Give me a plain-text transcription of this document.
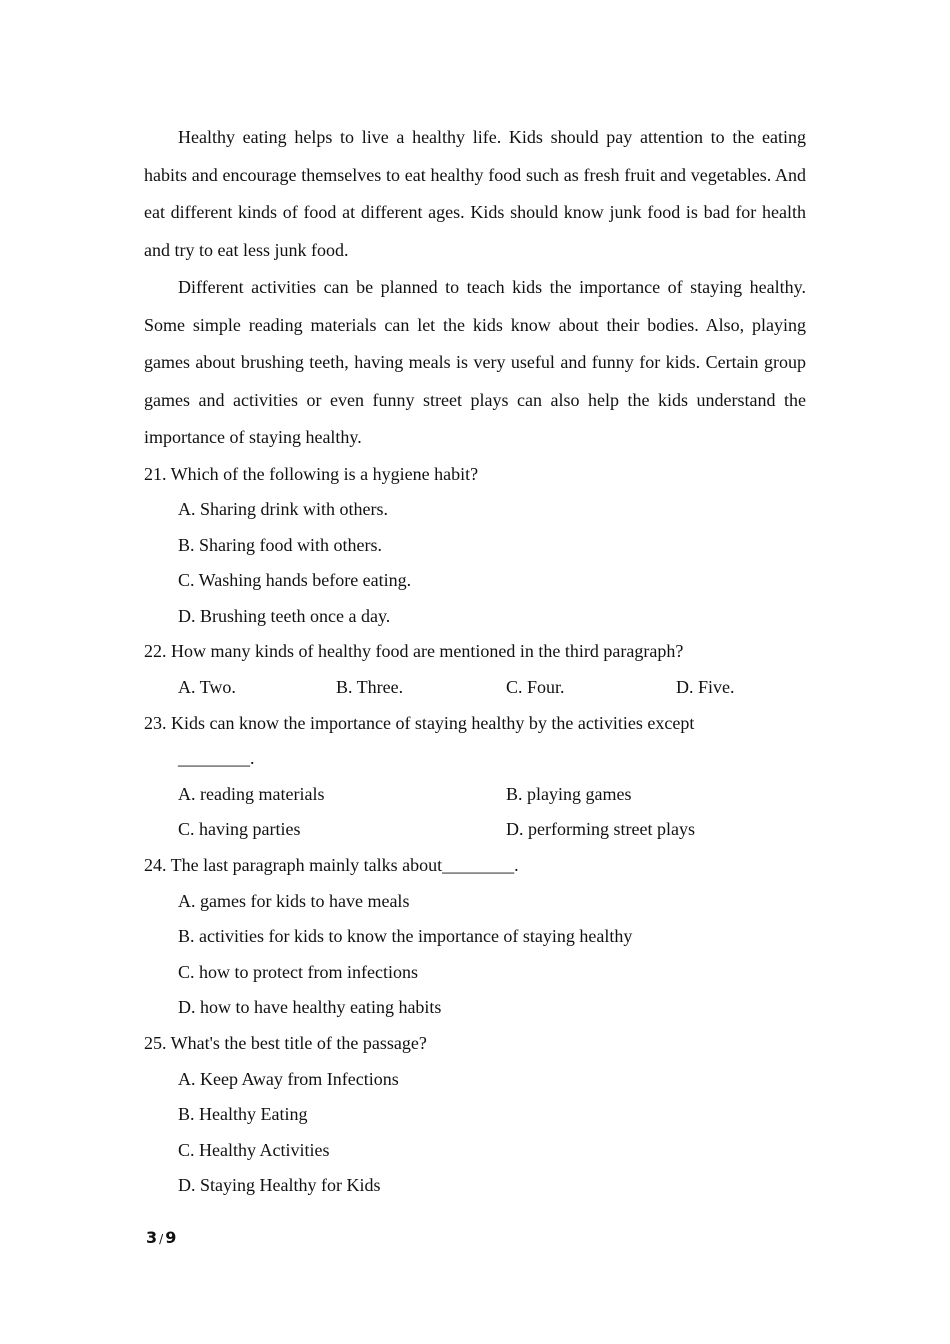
Healthy eating helps to live a healthy life. Kids should pay attention to the eating habits and encourage themselves to eat healthy food such as fresh fruit and vegetables. And eat different kinds of food at different ages. Kids should know junk food is bad for health and try to eat less junk food.

Different activities can be planned to teach kids the importance of staying healthy. Some simple reading materials can let the kids know about their bodies. Also, playing games about brushing teeth, having meals is very useful and funny for kids. Certain group games and activities or even funny street plays can also help the kids understand the importance of staying healthy.

21. Which of the following is a hygiene habit?

A. Sharing drink with others.

B. Sharing food with others.

C. Washing hands before eating.

D. Brushing teeth once a day.

22. How many kinds of healthy food are mentioned in the third paragraph?

A. Two.	B. Three.	C. Four.	D. Five.

23. Kids can know the importance of staying healthy by the activities except

________.

A. reading materials	B. playing games
C. having parties	D. performing street plays

24. The last paragraph mainly talks about________.

A. games for kids to have meals

B. activities for kids to know the importance of staying healthy

C. how to protect from infections

D. how to have healthy eating habits

25. What's the best title of the passage?

A. Keep Away from Infections

B. Healthy Eating

C. Healthy Activities

D. Staying Healthy for Kids

3 / 9
